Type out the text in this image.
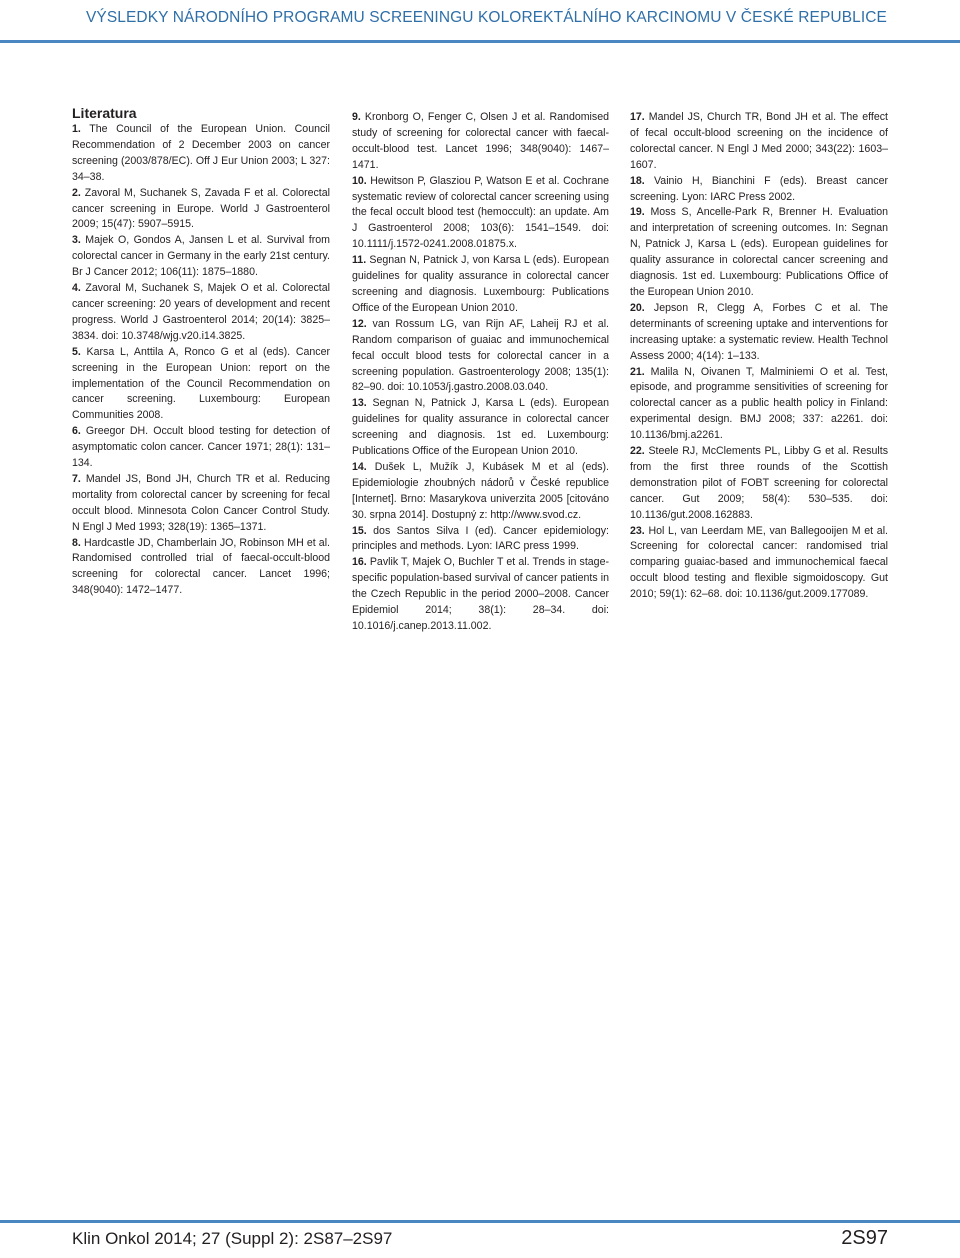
VÝSLEDKY NÁRODNÍHO PROGRAMU SCREENINGU KOLOREKTÁLNÍHO KARCINOMU V ČESKÉ REPUBLICE
Literatura

1. The Council of the European Union. Council Recommendation of 2 December 2003 on cancer screening (2003/878/EC). Off J Eur Union 2003; L 327: 34–38.

2. Zavoral M, Suchanek S, Zavada F et al. Colorectal cancer screening in Europe. World J Gastroenterol 2009; 15(47): 5907–5915.

3. Majek O, Gondos A, Jansen L et al. Survival from colorectal cancer in Germany in the early 21st century. Br J Cancer 2012; 106(11): 1875–1880.

4. Zavoral M, Suchanek S, Majek O et al. Colorectal cancer screening: 20 years of development and recent progress. World J Gastroenterol 2014; 20(14): 3825–3834. doi: 10.3748/wjg.v20.i14.3825.

5. Karsa L, Anttila A, Ronco G et al (eds). Cancer screening in the European Union: report on the implementation of the Council Recommendation on cancer screening. Luxembourg: European Communities 2008.

6. Greegor DH. Occult blood testing for detection of asymptomatic colon cancer. Cancer 1971; 28(1): 131–134.

7. Mandel JS, Bond JH, Church TR et al. Reducing mortality from colorectal cancer by screening for fecal occult blood. Minnesota Colon Cancer Control Study. N Engl J Med 1993; 328(19): 1365–1371.

8. Hardcastle JD, Chamberlain JO, Robinson MH et al. Randomised controlled trial of faecal-occult-blood screening for colorectal cancer. Lancet 1996; 348(9040): 1472–1477.

9. Kronborg O, Fenger C, Olsen J et al. Randomised study of screening for colorectal cancer with faecal-occult-blood test. Lancet 1996; 348(9040): 1467–1471.

10. Hewitson P, Glasziou P, Watson E et al. Cochrane systematic review of colorectal cancer screening using the fecal occult blood test (hemoccult): an update. Am J Gastroenterol 2008; 103(6): 1541–1549. doi: 10.1111/j.1572-0241.2008.01875.x.

11. Segnan N, Patnick J, von Karsa L (eds). European guidelines for quality assurance in colorectal cancer screening and diagnosis. Luxembourg: Publications Office of the European Union 2010.

12. van Rossum LG, van Rijn AF, Laheij RJ et al. Random comparison of guaiac and immunochemical fecal occult blood tests for colorectal cancer in a screening population. Gastroenterology 2008; 135(1): 82–90. doi: 10.1053/j.gastro.2008.03.040.

13. Segnan N, Patnick J, Karsa L (eds). European guidelines for quality assurance in colorectal cancer screening and diagnosis. 1st ed. Luxembourg: Publications Office of the European Union 2010.

14. Dušek L, Mužík J, Kubásek M et al (eds). Epidemiologie zhoubných nádorů v České republice [Internet]. Brno: Masarykova univerzita 2005 [citováno 30. srpna 2014]. Dostupný z: http://www.svod.cz.

15. dos Santos Silva I (ed). Cancer epidemiology: principles and methods. Lyon: IARC press 1999.

16. Pavlik T, Majek O, Buchler T et al. Trends in stage-specific population-based survival of cancer patients in the Czech Republic in the period 2000–2008. Cancer Epidemiol 2014; 38(1): 28–34. doi: 10.1016/j.canep.2013.11.002.

17. Mandel JS, Church TR, Bond JH et al. The effect of fecal occult-blood screening on the incidence of colorectal cancer. N Engl J Med 2000; 343(22): 1603–1607.

18. Vainio H, Bianchini F (eds). Breast cancer screening. Lyon: IARC Press 2002.

19. Moss S, Ancelle-Park R, Brenner H. Evaluation and interpretation of screening outcomes. In: Segnan N, Patnick J, Karsa L (eds). European guidelines for quality assurance in colorectal cancer screening and diagnosis. 1st ed. Luxembourg: Publications Office of the European Union 2010.

20. Jepson R, Clegg A, Forbes C et al. The determinants of screening uptake and interventions for increasing uptake: a systematic review. Health Technol Assess 2000; 4(14): 1–133.

21. Malila N, Oivanen T, Malminiemi O et al. Test, episode, and programme sensitivities of screening for colorectal cancer as a public health policy in Finland: experimental design. BMJ 2008; 337: a2261. doi: 10.1136/bmj.a2261.

22. Steele RJ, McClements PL, Libby G et al. Results from the first three rounds of the Scottish demonstration pilot of FOBT screening for colorectal cancer. Gut 2009; 58(4): 530–535. doi: 10.1136/gut.2008.162883.

23. Hol L, van Leerdam ME, van Ballegooijen M et al. Screening for colorectal cancer: randomised trial comparing guaiac-based and immunochemical faecal occult blood testing and flexible sigmoidoscopy. Gut 2010; 59(1): 62–68. doi: 10.1136/gut.2009.177089.

Klin Onkol 2014; 27 (Suppl 2): 2S87–2S97	2S97
